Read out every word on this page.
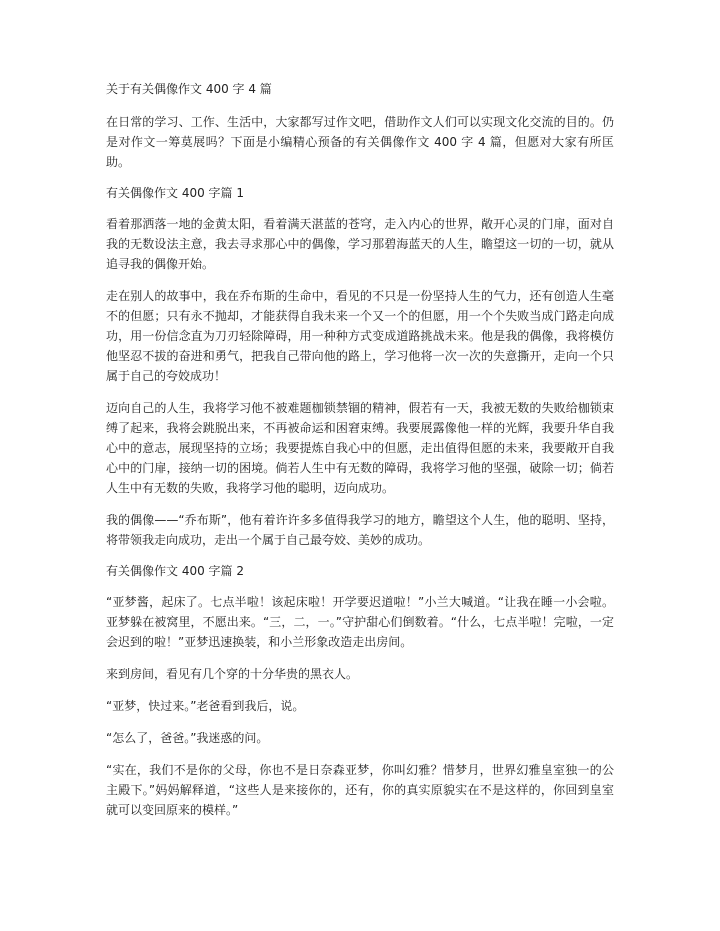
关于有关偶像作文 400 字 4 篇

在日常的学习、工作、生活中，大家都写过作文吧，借助作文人们可以实现文化交流的目的。仍是对作文一筹莫展吗？下面是小编精心预备的有关偶像作文 400 字 4 篇，但愿对大家有所匡助。

有关偶像作文 400 字篇 1

看着那洒落一地的金黄太阳，看着满天湛蓝的苍穹，走入内心的世界，敞开心灵的门扉，面对自我的无数设法主意，我去寻求那心中的偶像，学习那碧海蓝天的人生，瞻望这一切的一切，就从追寻我的偶像开始。

走在别人的故事中，我在乔布斯的生命中，看见的不只是一份坚持人生的气力，还有创造人生毫不的但愿；只有永不抛却，才能获得自我未来一个又一个的但愿，用一个个失败当成门路走向成功，用一份信念直为刀刃轻除障碍，用一种种方式变成道路挑战未来。他是我的偶像，我将模仿他坚忍不拔的奋进和勇气，把我自己带向他的路上，学习他将一次一次的失意撕开，走向一个只属于自己的夸姣成功！

迈向自己的人生，我将学习他不被难题枷锁禁锢的精神，假若有一天，我被无数的失败给枷锁束缚了起来，我将会跳脱出来，不再被命运和困窘束缚。我要展露像他一样的光辉，我要升华自我心中的意志，展现坚持的立场；我要提炼自我心中的但愿，走出值得但愿的未来，我要敞开自我心中的门扉，接纳一切的困境。倘若人生中有无数的障碍，我将学习他的坚强，破除一切；倘若人生中有无数的失败，我将学习他的聪明，迈向成功。

我的偶像——“乔布斯”，他有着许许多多值得我学习的地方，瞻望这个人生，他的聪明、坚持，将带领我走向成功，走出一个属于自己最夸姣、美妙的成功。

有关偶像作文 400 字篇 2

“亚梦酱，起床了。七点半啦！该起床啦！开学要迟道啦！”小兰大喊道。“让我在睡一小会啦。亚梦躲在被窝里，不愿出来。“三，二，一。”守护甜心们倒数着。“什么，七点半啦！完啦，一定会迟到的啦！”亚梦迅速换装，和小兰形象改造走出房间。

来到房间，看见有几个穿的十分华贵的黑衣人。

“亚梦，快过来。”老爸看到我后，说。

“怎么了，爸爸。”我迷惑的问。

“实在，我们不是你的父母，你也不是日奈森亚梦，你叫幻雅？惜梦月，世界幻雅皇室独一的公主殿下。”妈妈解释道，“这些人是来接你的，还有，你的真实原貌实在不是这样的，你回到皇室就可以变回原来的模样。”
